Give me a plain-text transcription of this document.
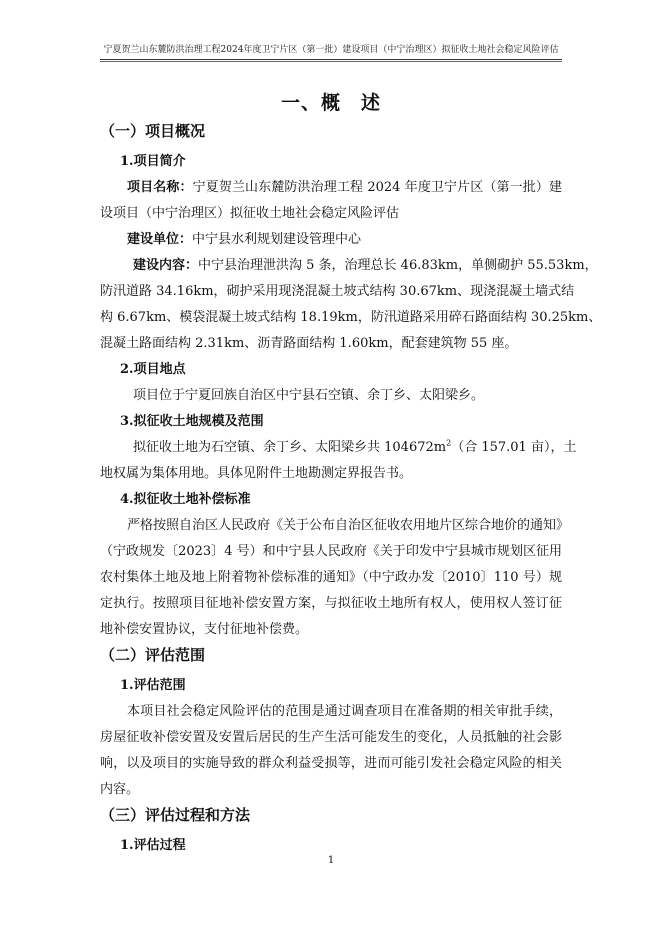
宁夏贺兰山东麓防洪治理工程2024年度卫宁片区（第一批）建设项目（中宁治理区）拟征收土地社会稳定风险评估
一、概　述
（一）项目概况
1.项目简介
项目名称：宁夏贺兰山东麓防洪治理工程 2024 年度卫宁片区（第一批）建
设项目（中宁治理区）拟征收土地社会稳定风险评估
建设单位：中宁县水利规划建设管理中心
建设内容：中宁县治理泄洪沟 5 条，治理总长 46.83km，单侧砌护 55.53km，
防汛道路 34.16km，砌护采用现浇混凝土坡式结构 30.67km、现浇混凝土墙式结
构 6.67km、模袋混凝土坡式结构 18.19km，防汛道路采用碎石路面结构 30.25km、
混凝土路面结构 2.31km、沥青路面结构 1.60km，配套建筑物 55 座。
2.项目地点
项目位于宁夏回族自治区中宁县石空镇、余丁乡、太阳梁乡。
3.拟征收土地规模及范围
拟征收土地为石空镇、余丁乡、太阳梁乡共 $104672m^2$（合 157.01 亩），土
地权属为集体用地。具体见附件土地勘测定界报告书。
4.拟征收土地补偿标准
严格按照自治区人民政府《关于公布自治区征收农用地片区综合地价的通知》
（宁政规发〔2023〕4 号）和中宁县人民政府《关于印发中宁县城市规划区征用
农村集体土地及地上附着物补偿标准的通知》（中宁政办发〔2010〕110 号）规
定执行。按照项目征地补偿安置方案，与拟征收土地所有权人，使用权人签订征
地补偿安置协议，支付征地补偿费。
（二）评估范围
1.评估范围
本项目社会稳定风险评估的范围是通过调查项目在准备期的相关审批手续，
房屋征收补偿安置及安置后居民的生产生活可能发生的变化，人员抵触的社会影
响，以及项目的实施导致的群众利益受损等，进而可能引发社会稳定风险的相关
内容。
（三）评估过程和方法
1.评估过程
1
